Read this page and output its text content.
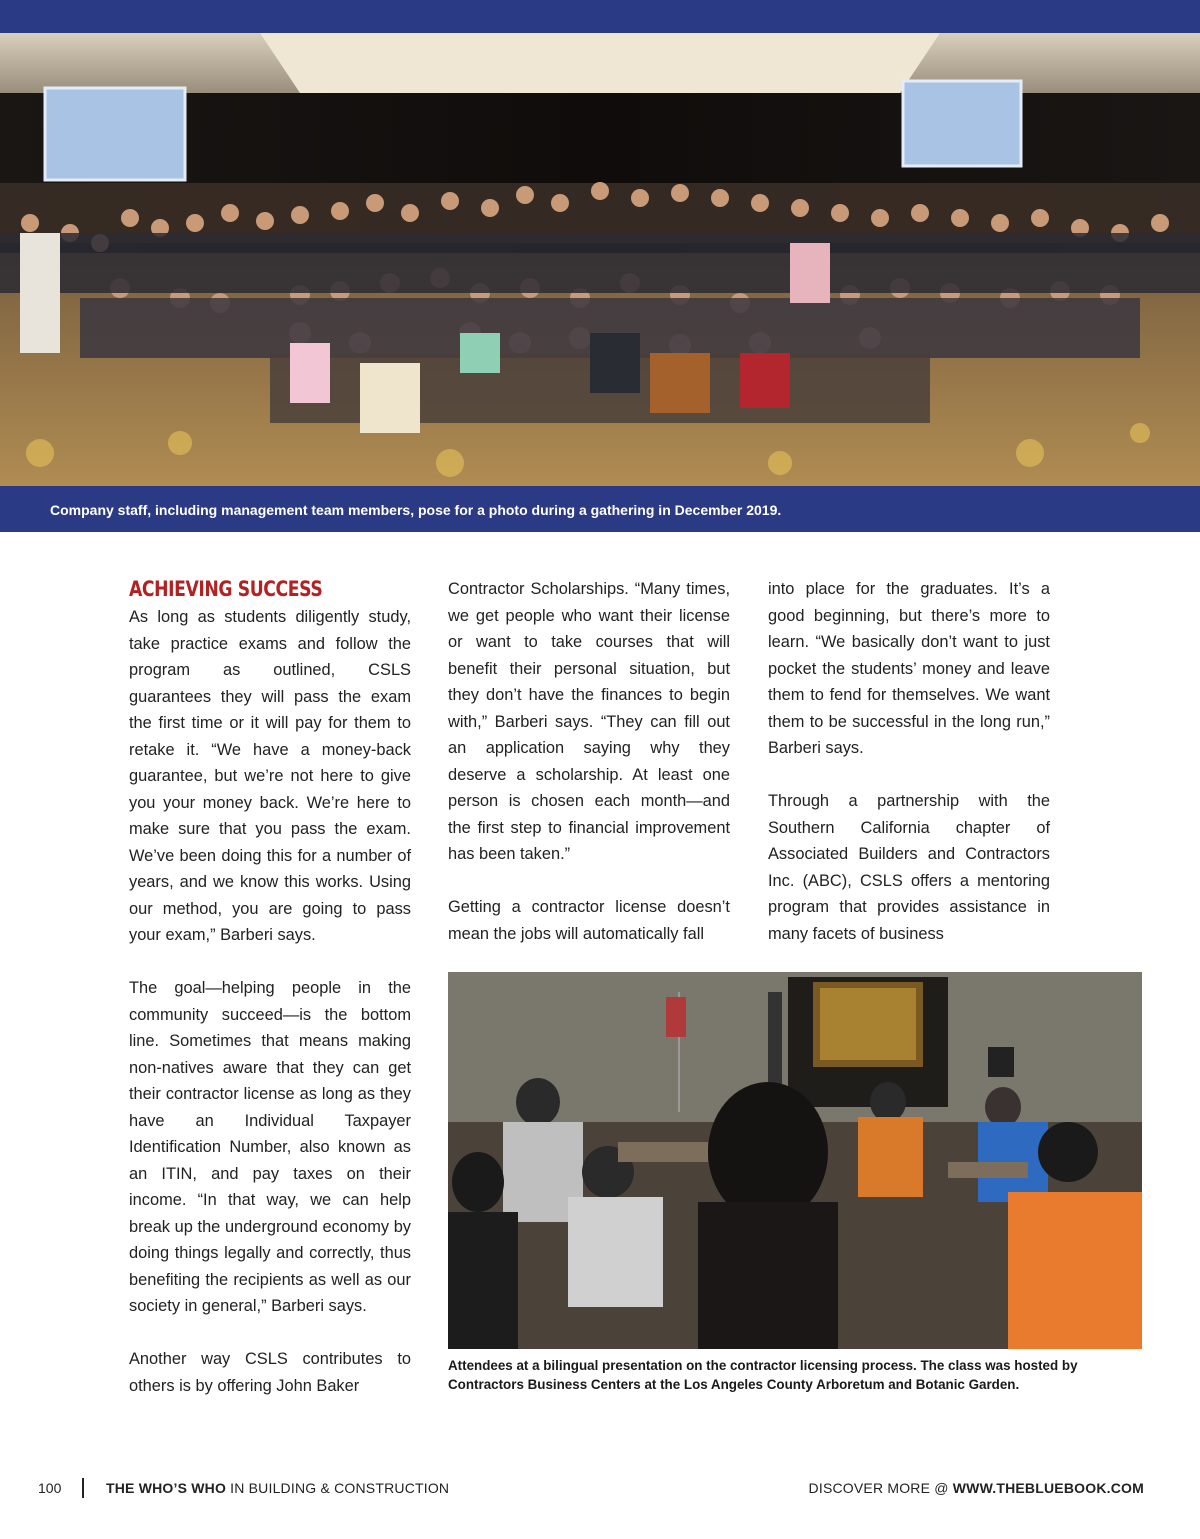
Company staff, including management team members, pose for a photo during a gathering in December 2019.
ACHIEVING SUCCESS

As long as students diligently study, take practice exams and follow the program as outlined, CSLS guarantees they will pass the exam the first time or it will pay for them to retake it. “We have a money-back guarantee, but we’re not here to give you your money back. We’re here to make sure that you pass the exam. We’ve been doing this for a number of years, and we know this works. Using our method, you are going to pass your exam,” Barberi says.

The goal—helping people in the community succeed—is the bottom line. Sometimes that means making non-natives aware that they can get their contractor license as long as they have an Individual Taxpayer Identification Number, also known as an ITIN, and pay taxes on their income. “In that way, we can help break up the underground economy by doing things legally and correctly, thus benefiting the recipients as well as our society in general,” Barberi says.

Another way CSLS contributes to others is by offering John Baker

Contractor Scholarships. “Many times, we get people who want their license or want to take courses that will benefit their personal situation, but they don’t have the finances to begin with,” Barberi says. “They can fill out an application saying why they deserve a scholarship. At least one person is chosen each month—and the first step to financial improvement has been taken.”

Getting a contractor license doesn’t mean the jobs will automatically fall

into place for the graduates. It’s a good beginning, but there’s more to learn. “We basically don’t want to just pocket the students’ money and leave them to fend for themselves. We want them to be successful in the long run,” Barberi says.

Through a partnership with the Southern California chapter of Associated Builders and Contractors Inc. (ABC), CSLS offers a mentoring program that provides assistance in many facets of business

Attendees at a bilingual presentation on the contractor licensing process. The class was hosted by Contractors Business Centers at the Los Angeles County Arboretum and Botanic Garden.
100	THE WHO’S WHO IN BUILDING & CONSTRUCTION	DISCOVER MORE @ WWW.THEBLUEBOOK.COM
